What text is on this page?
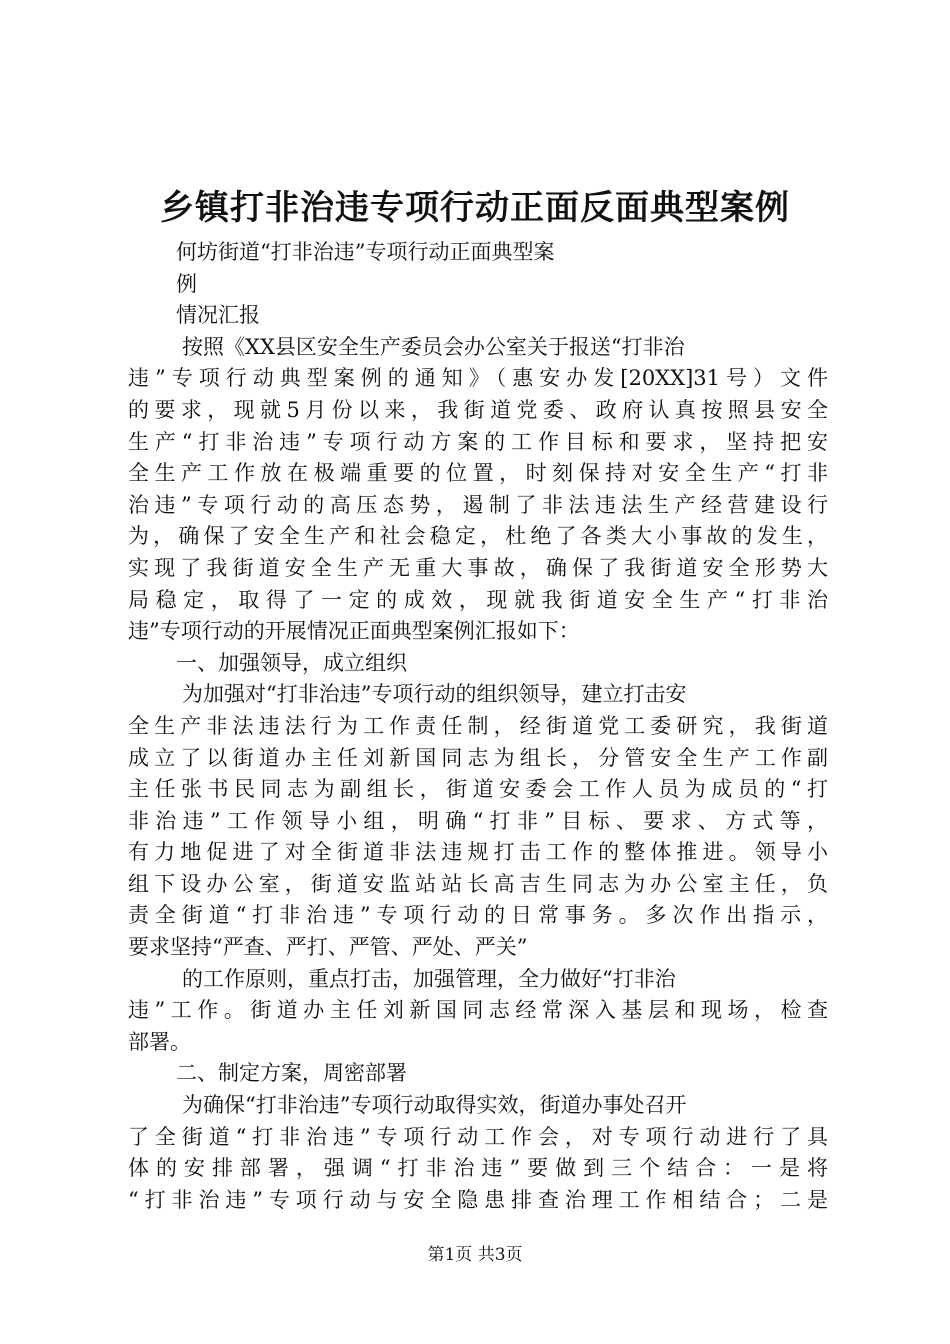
乡镇打非治违专项行动正面反面典型案例

何坊街道“打非治违”专项行动正面典型案

例

情况汇报

按照《XX县区安全生产委员会办公室关于报送“打非治

违”专项行动典型案例的通知》（惠安办发[20XX]31号）文件

的要求，现就5月份以来，我街道党委、政府认真按照县安全

生产“打非治违”专项行动方案的工作目标和要求，坚持把安

全生产工作放在极端重要的位置，时刻保持对安全生产“打非

治违”专项行动的高压态势，遏制了非法违法生产经营建设行

为，确保了安全生产和社会稳定，杜绝了各类大小事故的发生，

实现了我街道安全生产无重大事故，确保了我街道安全形势大

局稳定，取得了一定的成效，现就我街道安全生产“打非治

违”专项行动的开展情况正面典型案例汇报如下：

一、加强领导，成立组织

为加强对“打非治违”专项行动的组织领导，建立打击安

全生产非法违法行为工作责任制，经街道党工委研究，我街道

成立了以街道办主任刘新国同志为组长，分管安全生产工作副

主任张书民同志为副组长，街道安委会工作人员为成员的“打

非治违”工作领导小组，明确“打非”目标、要求、方式等，

有力地促进了对全街道非法违规打击工作的整体推进。领导小

组下设办公室，街道安监站站长高吉生同志为办公室主任，负

责全街道“打非治违”专项行动的日常事务。多次作出指示，

要求坚持“严查、严打、严管、严处、严关”

的工作原则，重点打击，加强管理，全力做好“打非治

违”工作。街道办主任刘新国同志经常深入基层和现场，检查

部署。

二、制定方案，周密部署

为确保“打非治违”专项行动取得实效，街道办事处召开

了全街道“打非治违”专项行动工作会，对专项行动进行了具

体的安排部署，强调“打非治违”要做到三个结合：一是将

“打非治违”专项行动与安全隐患排查治理工作相结合；二是

第1页 共3页
